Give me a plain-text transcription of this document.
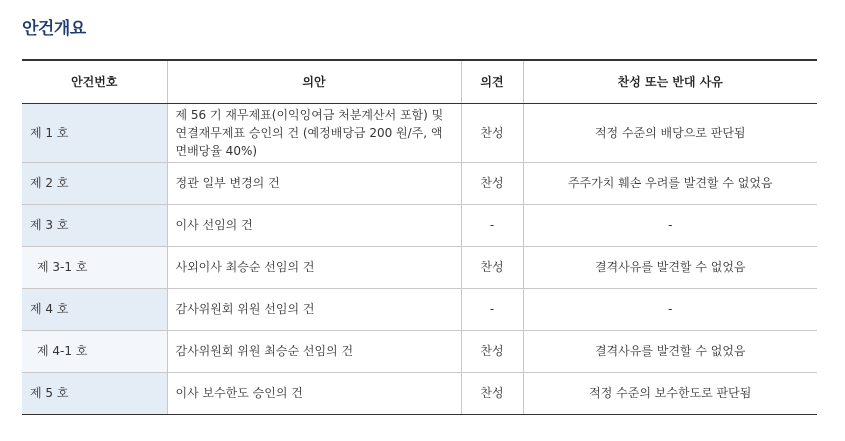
안건개요
안건번호	의안	의견	찬성 또는 반대 사유
제 1 호	제 56 기 재무제표(이익잉여금 처분계산서 포함) 및 연결재무제표 승인의 건 (예정배당금 200 원/주, 액면배당율 40%)	찬성	적정 수준의 배당으로 판단됨
제 2 호	정관 일부 변경의 건	찬성	주주가치 훼손 우려를 발견할 수 없었음
제 3 호	이사 선임의 건	-	-
제 3-1 호	사외이사 최승순 선임의 건	찬성	결격사유를 발견할 수 없었음
제 4 호	감사위원회 위원 선임의 건	-	-
제 4-1 호	감사위원회 위원 최승순 선임의 건	찬성	결격사유를 발견할 수 없었음
제 5 호	이사 보수한도 승인의 건	찬성	적정 수준의 보수한도로 판단됨
